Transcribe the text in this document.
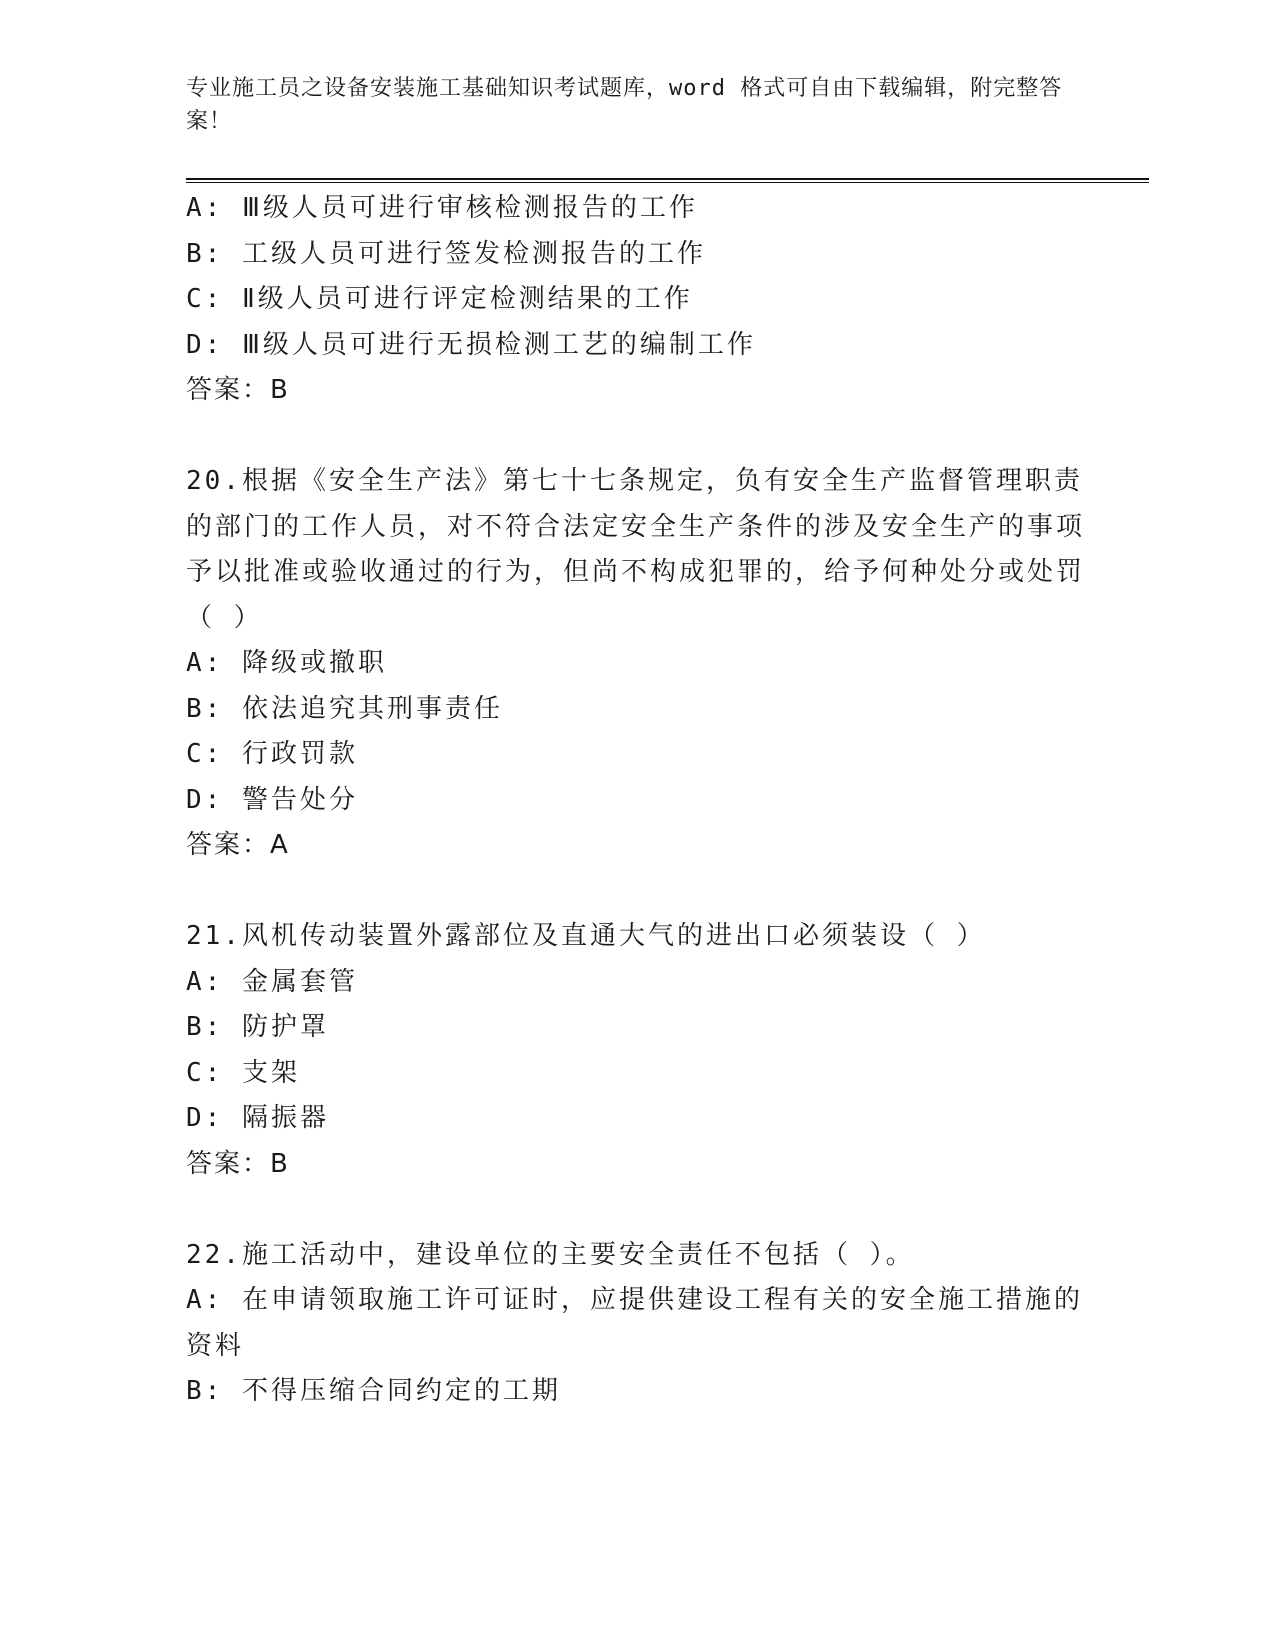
专业施工员之设备安装施工基础知识考试题库，word 格式可自由下载编辑，附完整答案！

A: Ⅲ级人员可进行审核检测报告的工作

B: 工级人员可进行签发检测报告的工作

C: Ⅱ级人员可进行评定检测结果的工作

D: Ⅲ级人员可进行无损检测工艺的编制工作

答案：B

20.根据《安全生产法》第七十七条规定，负有安全生产监督管理职责的部门的工作人员，对不符合法定安全生产条件的涉及安全生产的事项予以批准或验收通过的行为，但尚不构成犯罪的，给予何种处分或处罚（ ）

A: 降级或撤职

B: 依法追究其刑事责任

C: 行政罚款

D: 警告处分

答案：A

21.风机传动装置外露部位及直通大气的进出口必须装设（ ）

A: 金属套管

B: 防护罩

C: 支架

D: 隔振器

答案：B

22.施工活动中，建设单位的主要安全责任不包括（ ）。

A: 在申请领取施工许可证时，应提供建设工程有关的安全施工措施的资料

B: 不得压缩合同约定的工期
